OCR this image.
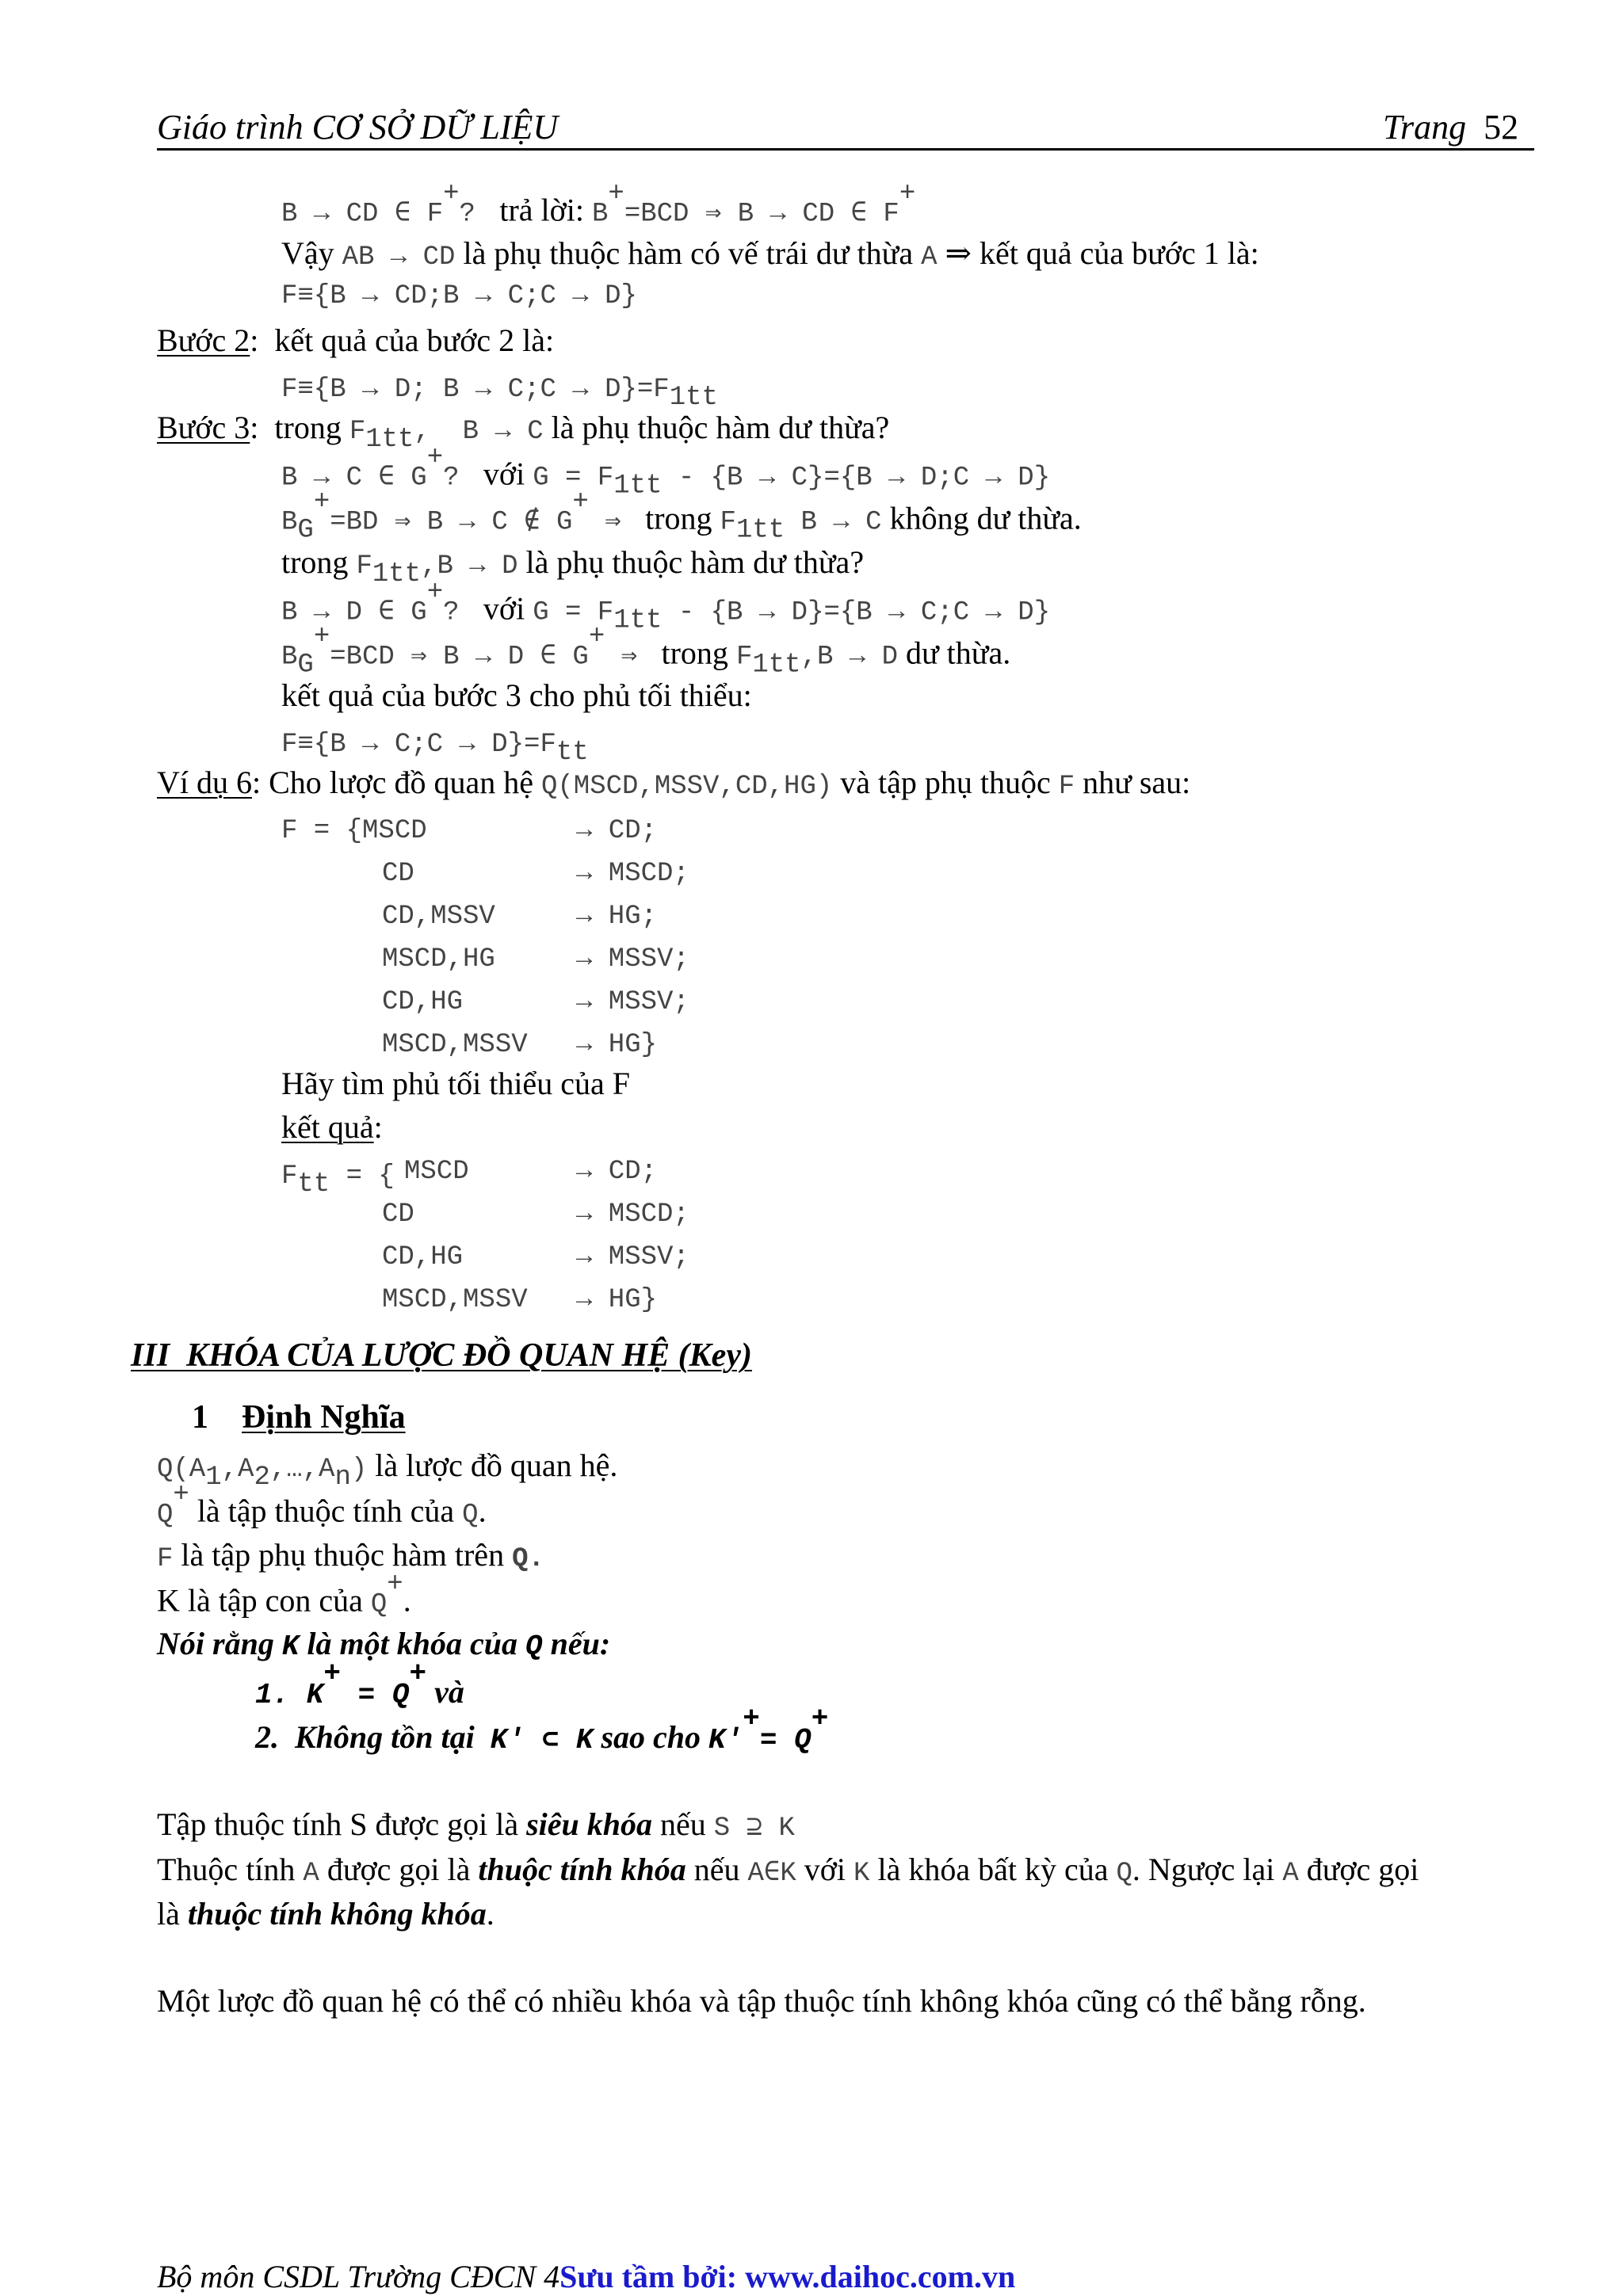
Giáo trình CƠ SỞ DỮ LIỆU	Trang 52
B → CD ∈ F+?  trả lời: B+=BCD ⇒ B → CD ∈ F+
Vậy AB → CD là phụ thuộc hàm có vế trái dư thừa A ⇒ kết quả của bước 1 là:
F≡{B → CD;B → C;C → D}
Bước 2:  kết quả của bước 2 là:
F≡{B → D; B → C;C → $D\}=F_{1tt}$
Bước 3:  trong $F_{1tt}$,  B → C là phụ thuộc hàm dư thừa?
B → C ∈ G+?  với $G = F_{1tt} - \{B \to C\}=\{B$ → D;C → D}
$B_G^+=BD$ ⇒ B → C ∉ G+ ⇒  trong $F_{1tt}$ B → C không dư thừa.
trong $F_{1tt},B \to D$ là phụ thuộc hàm dư thừa?
B → D ∈ G+?  với $G = F_{1tt} - \{B \to D\}=\{B$ → C;C → D}
$B_G^+=BCD$ ⇒ B → D ∈ G+ ⇒  trong $F_{1tt},B \to D$ dư thừa.
kết quả của bước 3 cho phủ tối thiểu:
F≡{B → C;C → $D\}=F_{tt}$
Ví dụ 6: Cho lược đồ quan hệ Q(MSCD,MSSV,CD,HG) và tập phụ thuộc F như sau:
F = {MSCD	→ CD;
CD	→ MSCD;
CD,MSSV	→ HG;
MSCD,HG	→ MSSV;
CD,HG	→ MSSV;
MSCD,MSSV → HG}
Hãy tìm phủ tối thiểu của F
kết quả:
$F_{tt}$ = { MSCD	→ CD;
CD	→ MSCD;
CD,HG	→ MSSV;
MSCD,MSSV → HG}
III  KHÓA CỦA LƯỢC ĐỒ QUAN HỆ (Key)
1 Định Nghĩa
$Q(A_1,A_2,\dots,A_n)$ là lược đồ quan hệ.
Q+ là tập thuộc tính của Q.
F là tập phụ thuộc hàm trên Q.
K là tập con của Q+.
Nói rằng K là một khóa của Q nếu:
1. K+ = Q+ và
2.  Không tồn tại  K' ⊂ K sao cho K'+= Q+
Tập thuộc tính S được gọi là siêu khóa nếu S ⊇ K
Thuộc tính A được gọi là thuộc tính khóa nếu A∈K với K là khóa bất kỳ của Q. Ngược lại A được gọi
là thuộc tính không khóa.
Một lược đồ quan hệ có thể có nhiều khóa và tập thuộc tính không khóa cũng có thể bằng rỗng.
Bộ môn CSDL Trường CĐCN 4Sưu tầm bởi: www.daihoc.com.vn
